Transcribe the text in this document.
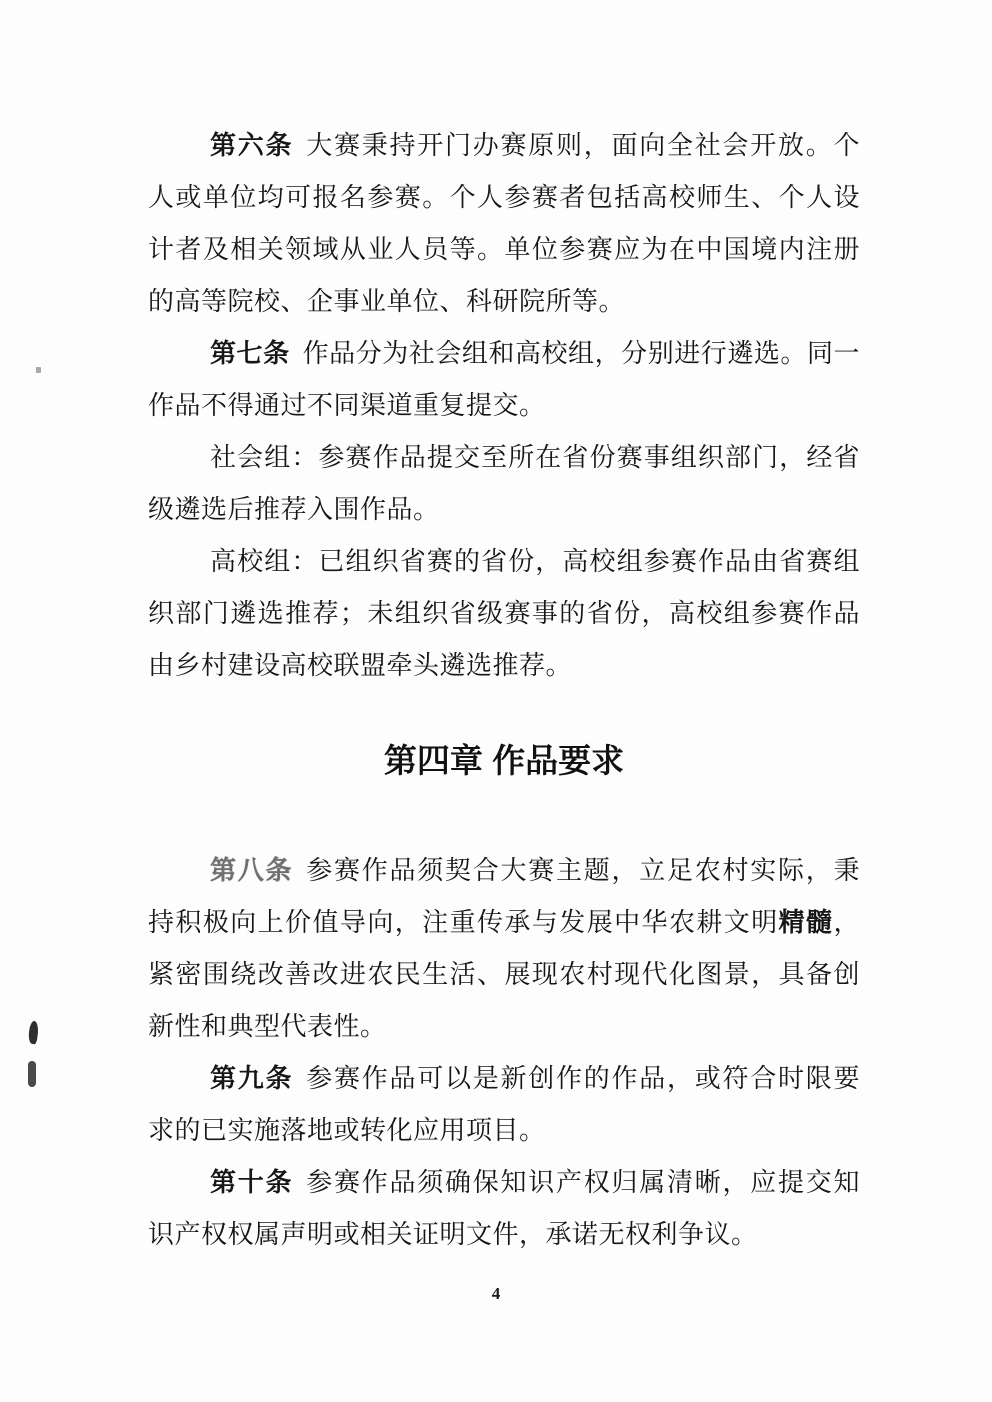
第六条 大赛秉持开门办赛原则，面向全社会开放。个
人或单位均可报名参赛。个人参赛者包括高校师生、个人设
计者及相关领域从业人员等。单位参赛应为在中国境内注册
的高等院校、企事业单位、科研院所等。
第七条 作品分为社会组和高校组，分别进行遴选。同一
作品不得通过不同渠道重复提交。
社会组：参赛作品提交至所在省份赛事组织部门，经省
级遴选后推荐入围作品。
高校组：已组织省赛的省份，高校组参赛作品由省赛组
织部门遴选推荐；未组织省级赛事的省份，高校组参赛作品
由乡村建设高校联盟牵头遴选推荐。
第四章 作品要求
第八条 参赛作品须契合大赛主题，立足农村实际，秉
持积极向上价值导向，注重传承与发展中华农耕文明精髓，
紧密围绕改善改进农民生活、展现农村现代化图景，具备创
新性和典型代表性。
第九条 参赛作品可以是新创作的作品，或符合时限要
求的已实施落地或转化应用项目。
第十条 参赛作品须确保知识产权归属清晰，应提交知
识产权权属声明或相关证明文件，承诺无权利争议。
4
